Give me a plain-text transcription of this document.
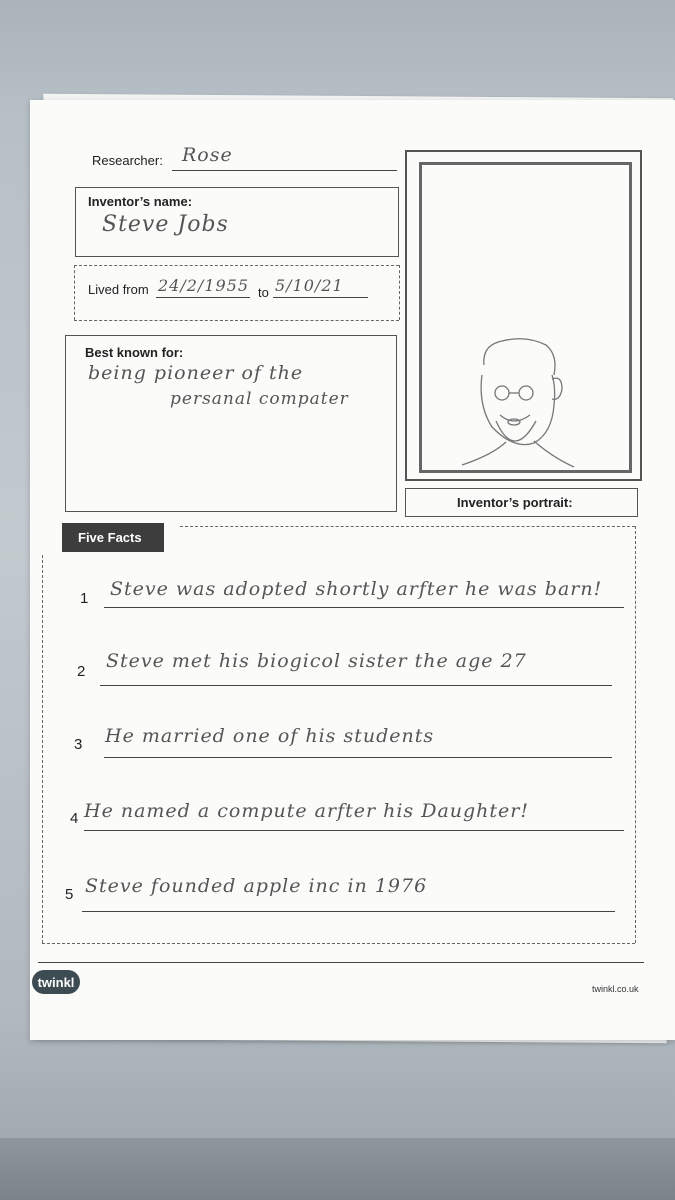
Researcher: Rose
Inventor’s name:
Steve Jobs
Lived from 24/2/1955 to 5/10/21
Best known for:
being pioneer of the
persanal compater
Inventor’s portrait:
Five Facts
1 Steve was adopted shortly arfter he was barn!
2 Steve met his biogicol sister the age 27
3 He married one of his students
4 He named a compute arfter his Daughter!
5 Steve founded apple inc in 1976
twinkl	twinkl.co.uk
